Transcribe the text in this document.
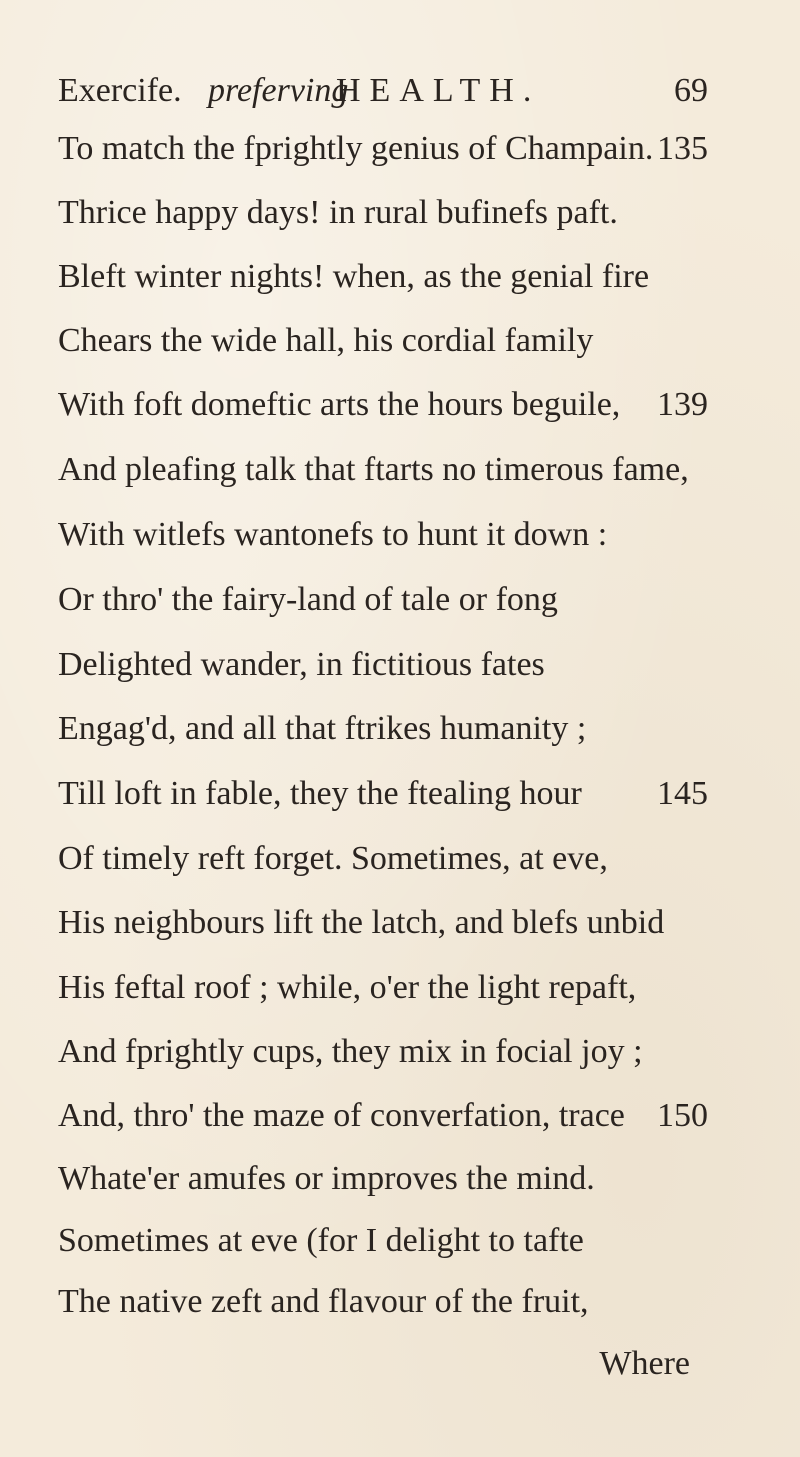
Exercife. preferving
HEALTH.	69
To match the fprightly genius of Champain. 135
Thrice happy days! in rural bufinefs paft.
Bleft winter nights! when, as the genial fire
Chears the wide hall, his cordial family
With foft domeftic arts the hours beguile, 139
And pleafing talk that ftarts no timerous fame,
With witlefs wantonefs to hunt it down :
Or thro' the fairy-land of tale or fong
Delighted wander, in fictitious fates
Engag'd, and all that ftrikes humanity ;
Till loft in fable, they the ftealing hour 145
Of timely reft forget. Sometimes, at eve,
His neighbours lift the latch, and blefs unbid
His feftal roof ; while, o'er the light repaft,
And fprightly cups, they mix in focial joy ;
And, thro' the maze of converfation, trace 150
Whate'er amufes or improves the mind.
Sometimes at eve (for I delight to tafte
The native zeft and flavour of the fruit,
Where
